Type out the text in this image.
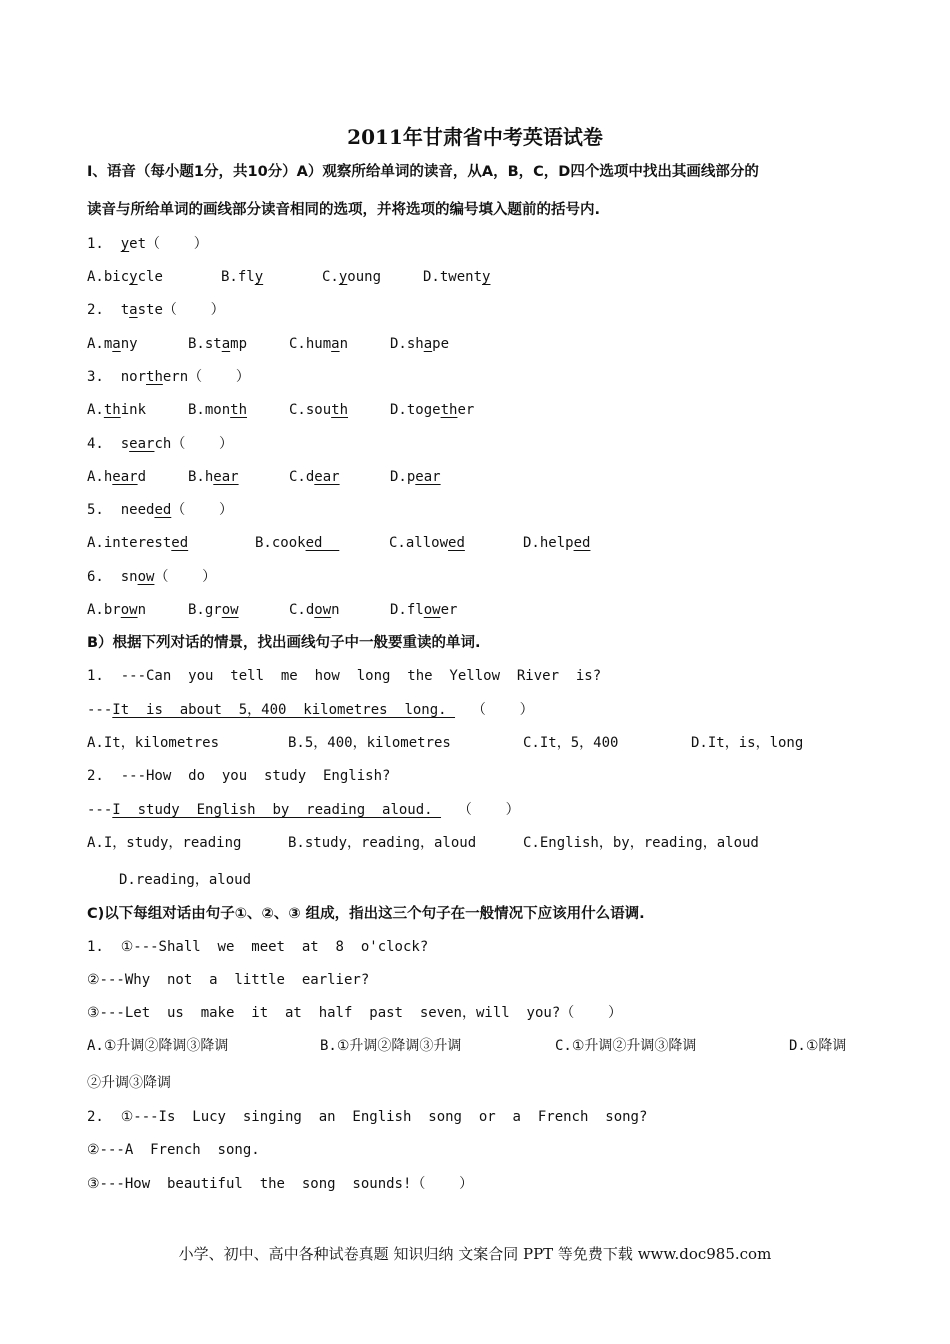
2011年甘肃省中考英语试卷
I、语音（每小题1分，共10分）A）观察所给单词的读音，从A，B，C，D四个选项中找出其画线部分的
读音与所给单词的画线部分读音相同的选项，并将选项的编号填入题前的括号内.
1. yet（    ）
A.bicycle	B.fly	C.young	D.twenty
2. taste（    ）
A.many	B.stamp	C.human	D.shape
3. northern（    ）
A.think	B.month	C.south	D.together
4. search（    ）
A.heard	B.hear	C.dear	D.pear
5. needed（    ）
A.interested	B.cooked	C.allowed	D.helped
6. snow（    ）
A.brown	B.grow	C.down	D.flower
B）根据下列对话的情景，找出画线句子中一般要重读的单词.
1.  ---Can  you  tell  me  how  long  the  Yellow  River  is?
---It  is  about  5，400  kilometres  long.   （    ）
A.It，kilometres	B.5，400，kilometres	C.It，5，400	D.It，is，long
2.  ---How  do  you  study  English?
---I  study  English  by  reading  aloud.   （    ）
A.I，study，reading	B.study，reading，aloud	C.English，by，reading，aloud
D.reading，aloud
C)以下每组对话由句子①、②、③ 组成，指出这三个句子在一般情况下应该用什么语调.
1.  ①---Shall  we  meet  at  8  o'clock?
②---Why  not  a  little  earlier?
③---Let  us  make  it  at  half  past  seven，will  you?（    ）
A.①升调②降调③降调	B.①升调②降调③升调	C.①升调②升调③降调	D.①降调
②升调③降调
2.  ①---Is  Lucy  singing  an  English  song  or  a  French  song?
②---A  French  song.
③---How  beautiful  the  song  sounds!（    ）
小学、初中、高中各种试卷真题 知识归纳 文案合同 PPT 等免费下载 www.doc985.com
